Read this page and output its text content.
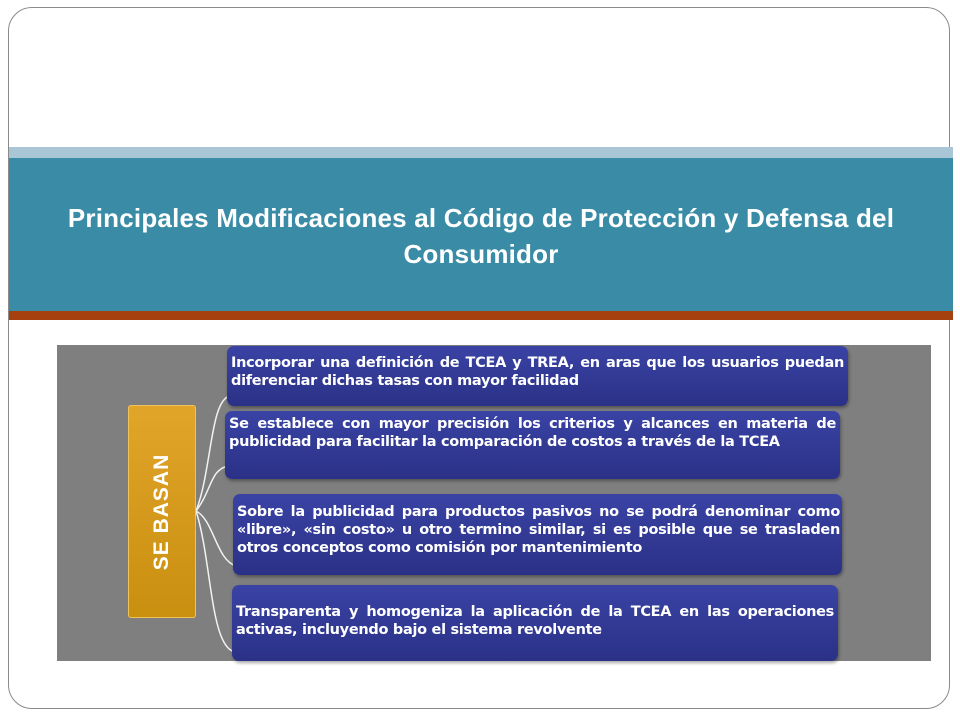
Principales Modificaciones al Código de Protección y Defensa del Consumidor
SE BASAN

Incorporar una definición de TCEA y TREA, en aras que los usuarios puedan diferenciar dichas tasas con mayor facilidad

Se establece con mayor precisión los criterios y alcances en materia de publicidad para facilitar la comparación de costos a través de la TCEA

Sobre la publicidad para productos pasivos no se podrá denominar como «libre», «sin costo» u otro termino similar, si es posible que se trasladen otros conceptos como comisión por mantenimiento

Transparenta y homogeniza la aplicación de la TCEA en las operaciones activas, incluyendo bajo el sistema revolvente
